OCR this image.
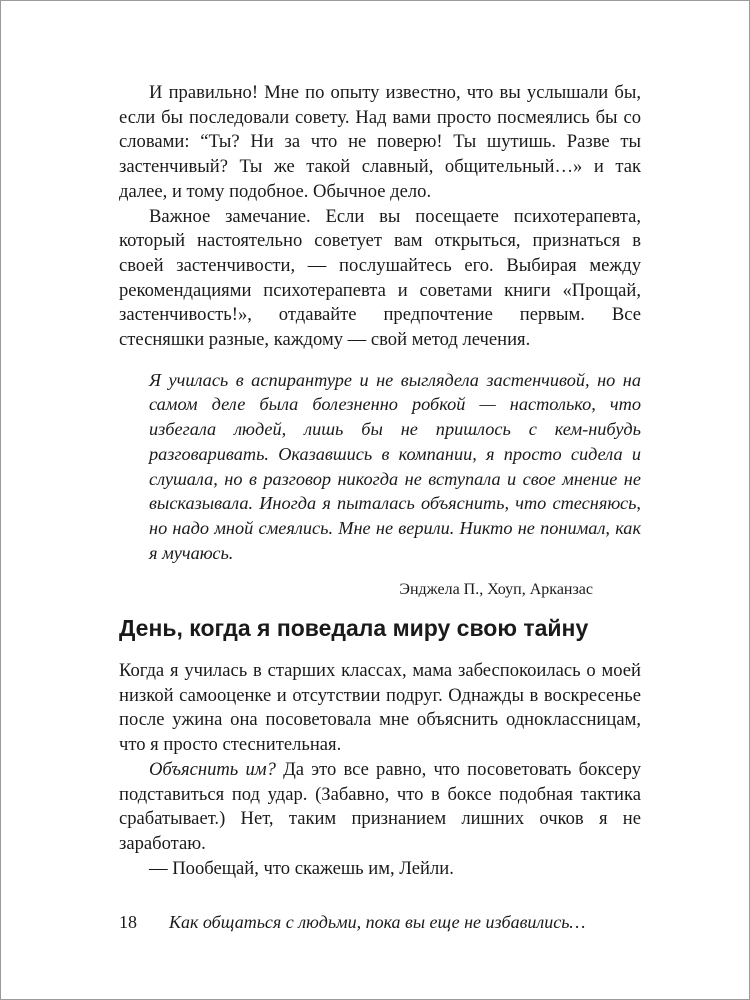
И правильно! Мне по опыту известно, что вы услышали бы, если бы последовали совету. Над вами просто посмеялись бы со словами: “Ты? Ни за что не поверю! Ты шутишь. Разве ты застенчивый? Ты же такой славный, общительный…» и так далее, и тому подобное. Обычное дело.

Важное замечание. Если вы посещаете психотерапевта, который настоятельно советует вам открыться, признаться в своей застенчивости, — послушайтесь его. Выбирая между рекомендациями психотерапевта и советами книги «Прощай, застенчивость!», отдавайте предпочтение первым. Все стесняшки разные, каждому — свой метод лечения.

Я училась в аспирантуре и не выглядела застенчивой, но на самом деле была болезненно робкой — настолько, что избегала людей, лишь бы не пришлось с кем-нибудь разговаривать. Оказавшись в компании, я просто сидела и слушала, но в разговор никогда не вступала и свое мнение не высказывала. Иногда я пыталась объяснить, что стесняюсь, но надо мной смеялись. Мне не верили. Никто не понимал, как я мучаюсь.

Энджела П., Хоуп, Арканзас

День, когда я поведала миру свою тайну

Когда я училась в старших классах, мама забеспокоилась о моей низкой самооценке и отсутствии подруг. Однажды в воскресенье после ужина она посоветовала мне объяснить одноклассницам, что я просто стеснительная.

Объяснить им? Да это все равно, что посоветовать боксеру подставиться под удар. (Забавно, что в боксе подобная тактика срабатывает.) Нет, таким признанием лишних очков я не заработаю.

— Пообещай, что скажешь им, Лейли.

18 Как общаться с людьми, пока вы еще не избавились…
